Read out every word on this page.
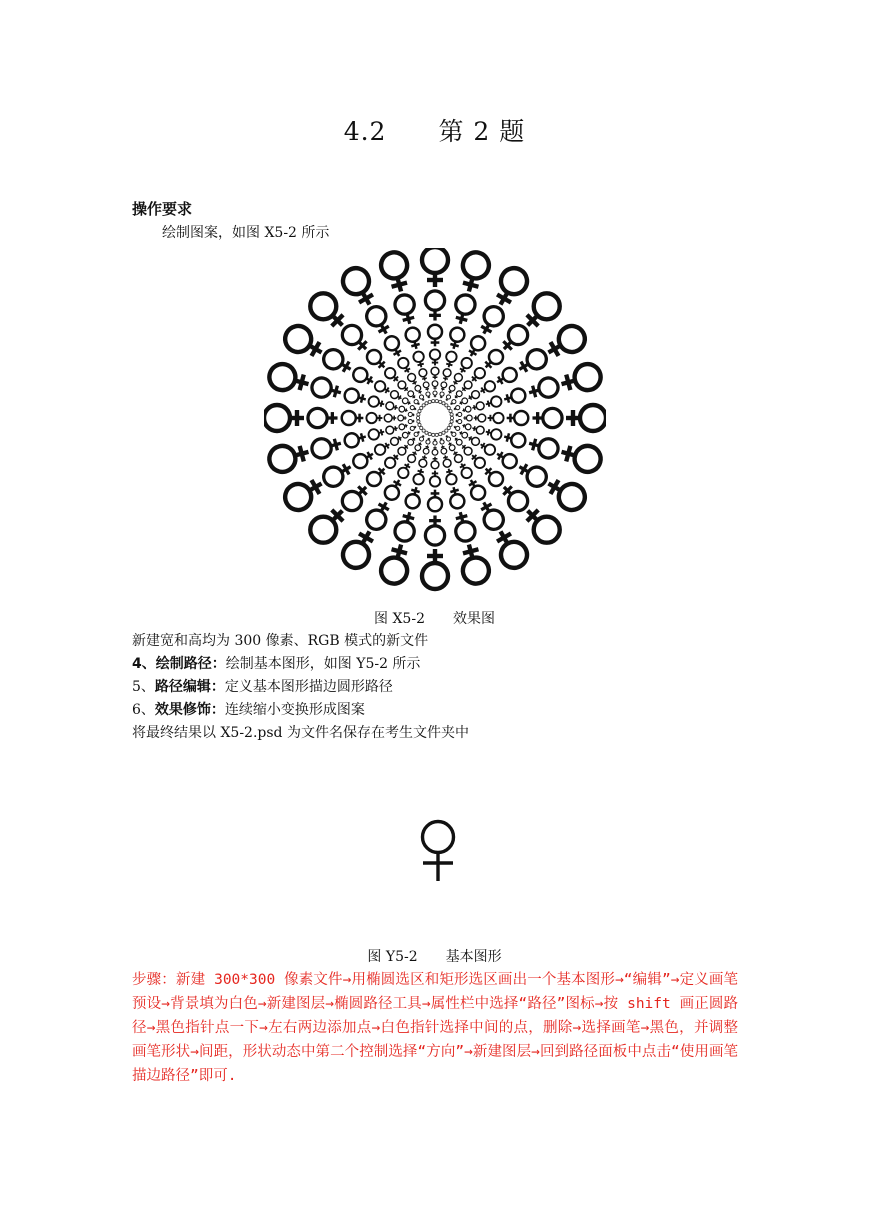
4.2 第 2 题
操作要求
绘制图案，如图 X5-2 所示
图 X5-2 效果图
新建宽和高均为 300 像素、RGB 模式的新文件
4、绘制路径：绘制基本图形，如图 Y5-2 所示
5、路径编辑：定义基本图形描边圆形路径
6、效果修饰：连续缩小变换形成图案
将最终结果以 X5-2.psd 为文件名保存在考生文件夹中
图 Y5-2 基本图形
步骤：新建 300*300 像素文件→用椭圆选区和矩形选区画出一个基本图形→“编辑”→定义画笔预设→背景填为白色→新建图层→椭圆路径工具→属性栏中选择“路径”图标→按 shift 画正圆路径→黑色指针点一下→左右两边添加点→白色指针选择中间的点，删除→选择画笔→黑色，并调整画笔形状→间距，形状动态中第二个控制选择“方向”→新建图层→回到路径面板中点击“使用画笔描边路径”即可.
